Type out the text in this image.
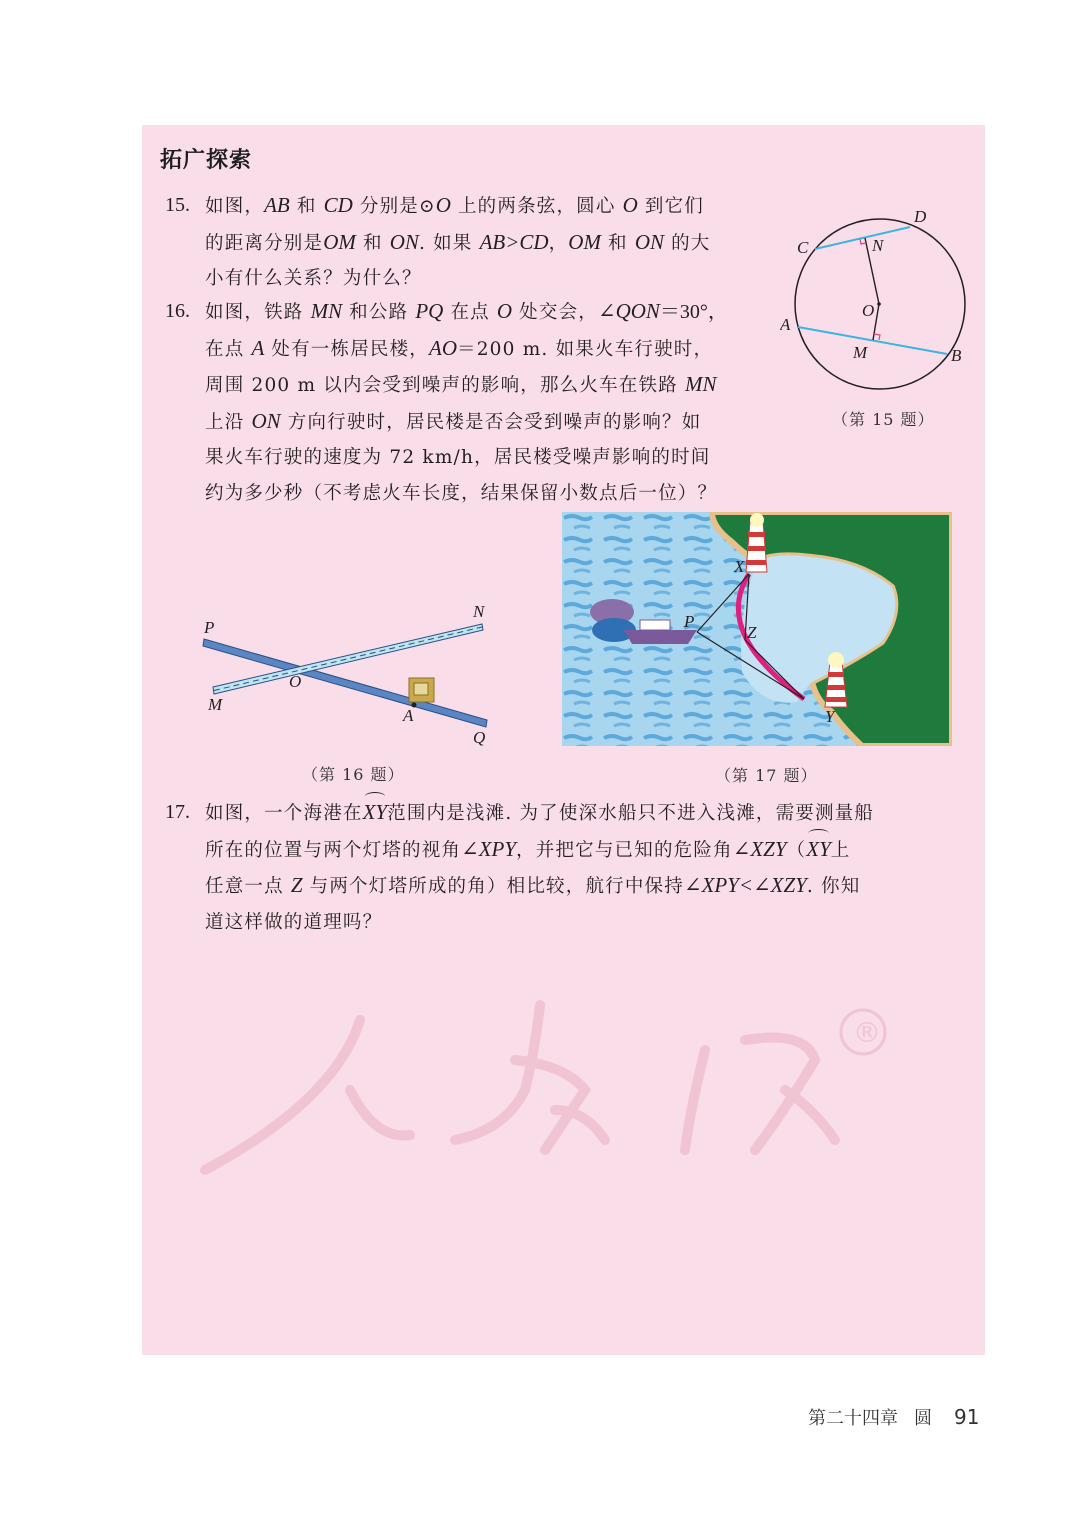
®
拓广探索
15. 如图，AB 和 CD 分别是⊙O 上的两条弦，圆心 O 到它们

的距离分别是OM 和 ON. 如果 AB>CD，OM 和 ON 的大

小有什么关系？为什么？

16. 如图，铁路 MN 和公路 PQ 在点 O 处交会，∠QON＝30°，

在点 A 处有一栋居民楼，AO＝200 m. 如果火车行驶时，

周围 200 m 以内会受到噪声的影响，那么火车在铁路 MN

上沿 ON 方向行驶时，居民楼是否会受到噪声的影响？如

果火车行驶的速度为 72 km/h，居民楼受噪声影响的时间

约为多少秒（不考虑火车长度，结果保留小数点后一位）？

C
D
N
O
A
M	B
（第 15 题）
P
N
O
M
A
Q
（第 16 题）
X
P
Z
Y
（第 17 题）
17. 如图，一个海港在XY范围内是浅滩. 为了使深水船只不进入浅滩，需要测量船

所在的位置与两个灯塔的视角∠XPY，并把它与已知的危险角∠XZY（XY上

任意一点 Z 与两个灯塔所成的角）相比较，航行中保持∠XPY<∠XZY. 你知

道这样做的道理吗？

第二十四章 圆 91
